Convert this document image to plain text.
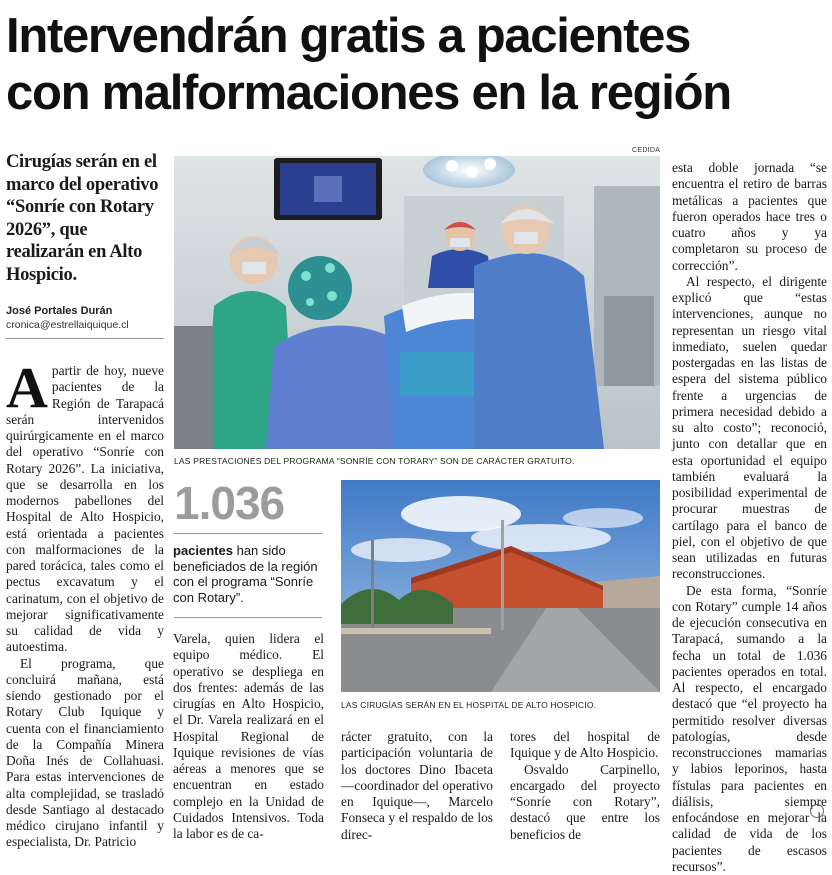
Intervendrán gratis a pacientes
con malformaciones en la región
Cirugías serán en el marco del operativo “Sonríe con Rotary 2026”, que realizarán en Alto Hospicio.
José Portales Durán
cronica@estrellaiquique.cl
CEDIDA
LAS PRESTACIONES DEL PROGRAMA “SONRÍE CON TORARY” SON DE CARÁCTER GRATUITO.
1.036
pacientes han sido beneficiados de la región con el programa “Sonríe con Rotary”.
LAS CIRUGÍAS SERÁN EN EL HOSPITAL DE ALTO HOSPICIO.

Apartir de hoy, nueve pacientes de la Región de Tarapacá serán intervenidos quirúrgicamente en el marco del operativo “Sonríe con Rotary 2026”. La iniciativa, que se desarrolla en los modernos pabellones del Hospital de Alto Hospicio, está orientada a pacientes con malformaciones de la pared torácica, tales como el pectus excavatum y el carinatum, con el objetivo de mejorar significativamente su calidad de vida y autoestima.

El programa, que concluirá mañana, está siendo gestionado por el Rotary Club Iquique y cuenta con el financiamiento de la Compañía Minera Doña Inés de Collahuasi. Para estas intervenciones de alta complejidad, se trasladó desde Santiago al destacado médico cirujano infantil y especialista, Dr. Patricio

Varela, quien lidera el equipo médico. El operativo se despliega en dos frentes: además de las cirugías en Alto Hospicio, el Dr. Varela realizará en el Hospital Regional de Iquique revisiones de vías aéreas a menores que se encuentran en estado complejo en la Unidad de Cuidados Intensivos. Toda la labor es de ca-

rácter gratuito, con la participación voluntaria de los doctores Dino Ibaceta —coordinador del operativo en Iquique—, Marcelo Fonseca y el respaldo de los direc-

tores del hospital de Iquique y de Alto Hospicio.

Osvaldo Carpinello, encargado del proyecto “Sonríe con Rotary”, destacó que entre los beneficios de

esta doble jornada “se encuentra el retiro de barras metálicas a pacientes que fueron operados hace tres o cuatro años y ya completaron su proceso de corrección”.

Al respecto, el dirigente explicó que “estas intervenciones, aunque no representan un riesgo vital inmediato, suelen quedar postergadas en las listas de espera del sistema público frente a urgencias de primera necesidad debido a su alto costo”; reconoció, junto con detallar que en esta oportunidad el equipo también evaluará la posibilidad experimental de procurar muestras de cartílago para el banco de piel, con el objetivo de que sean utilizadas en futuras reconstrucciones.

De esta forma, “Sonríe con Rotary” cumple 14 años de ejecución consecutiva en Tarapacá, sumando a la fecha un total de 1.036 pacientes operados en total. Al respecto, el encargado destacó que “el proyecto ha permitido resolver diversas patologías, desde reconstrucciones mamarias y labios leporinos, hasta fístulas para pacientes en diálisis, siempre enfocándose en mejorar la calidad de vida de los pacientes de escasos recursos”.
